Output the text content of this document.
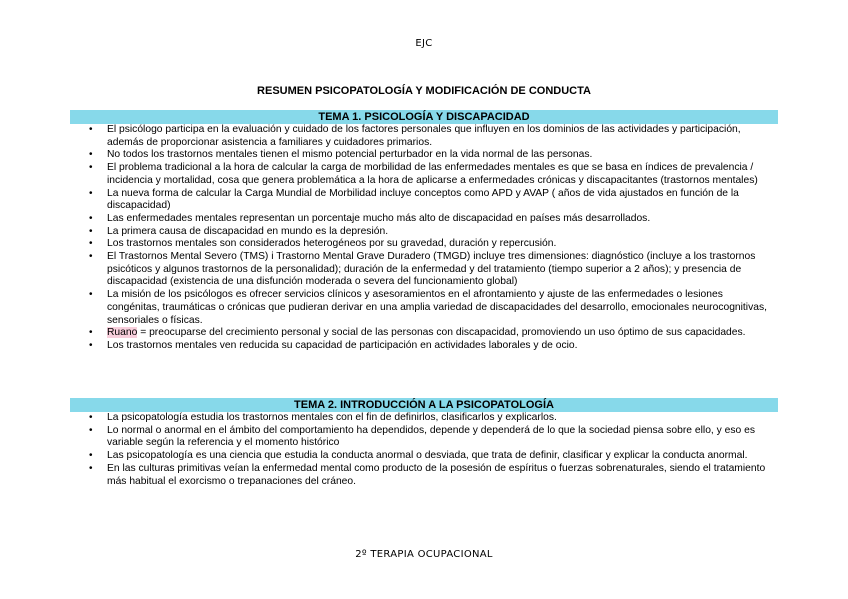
EJC
RESUMEN PSICOPATOLOGÍA Y MODIFICACIÓN DE CONDUCTA
TEMA 1. PSICOLOGÍA Y DISCAPACIDAD
• El psicólogo participa en la evaluación y cuidado de los factores personales que influyen en los dominios de las actividades y participación, además de proporcionar asistencia a familiares y cuidadores primarios.
• No todos los trastornos mentales tienen el mismo potencial perturbador en la vida normal de las personas.
• El problema tradicional a la hora de calcular la carga de morbilidad de las enfermedades mentales es que se basa en índices de prevalencia / incidencia y mortalidad, cosa que genera problemática a la hora de aplicarse a enfermedades crónicas y discapacitantes (trastornos mentales)
• La nueva forma de calcular la Carga Mundial de Morbilidad incluye conceptos como APD y AVAP ( años de vida ajustados en función de la discapacidad)
• Las enfermedades mentales representan un porcentaje mucho más alto de discapacidad en países más desarrollados.
• La primera causa de discapacidad en mundo es la depresión.
• Los trastornos mentales son considerados heterogéneos por su gravedad, duración y repercusión.
• El Trastornos Mental Severo (TMS) i Trastorno Mental Grave Duradero (TMGD) incluye tres dimensiones: diagnóstico (incluye a los trastornos psicóticos y algunos trastornos de la personalidad); duración de la enfermedad y del tratamiento (tiempo superior a 2 años); y presencia de discapacidad (existencia de una disfunción moderada o severa del funcionamiento global)
• La misión de los psicólogos es ofrecer servicios clínicos y asesoramientos en el afrontamiento y ajuste de las enfermedades o lesiones congénitas, traumáticas o crónicas que pudieran derivar en una amplia variedad de discapacidades del desarrollo, emocionales neurocognitivas, sensoriales o físicas.
• Ruano = preocuparse del crecimiento personal y social de las personas con discapacidad, promoviendo un uso óptimo de sus capacidades.
• Los trastornos mentales ven reducida su capacidad de participación en actividades laborales y de ocio.
TEMA 2. INTRODUCCIÓN A LA PSICOPATOLOGÍA
• La psicopatología estudia los trastornos mentales con el fin de definirlos, clasificarlos y explicarlos.
• Lo normal o anormal en el ámbito del comportamiento ha dependidos, depende y dependerá de lo que la sociedad piensa sobre ello, y eso es variable según la referencia y el momento histórico
• Las psicopatología es una ciencia que estudia la conducta anormal o desviada, que trata de definir, clasificar y explicar la conducta anormal.
• En las culturas primitivas veían la enfermedad mental como producto de la posesión de espíritus o fuerzas sobrenaturales, siendo el tratamiento más habitual el exorcismo o trepanaciones del cráneo.
2º TERAPIA OCUPACIONAL
